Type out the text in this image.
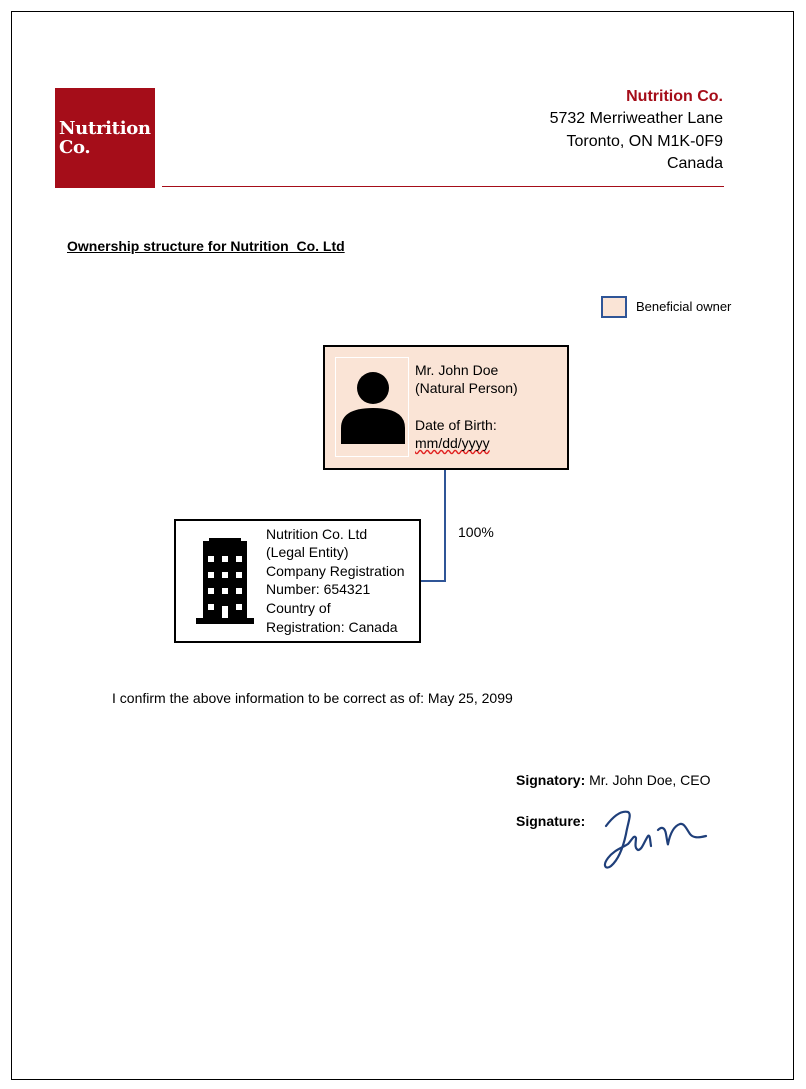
Nutrition
Co.
Nutrition Co.
5732 Merriweather Lane
Toronto, ON M1K-0F9
Canada
Ownership structure for Nutrition  Co. Ltd
Beneficial owner
Mr. John Doe
(Natural Person)
Date of Birth:
mm/dd/yyyy
100%
Nutrition Co. Ltd
(Legal Entity)
Company Registration
Number: 654321
Country of
Registration: Canada
I confirm the above information to be correct as of: May 25, 2099
Signatory: Mr. John Doe, CEO
Signature:
